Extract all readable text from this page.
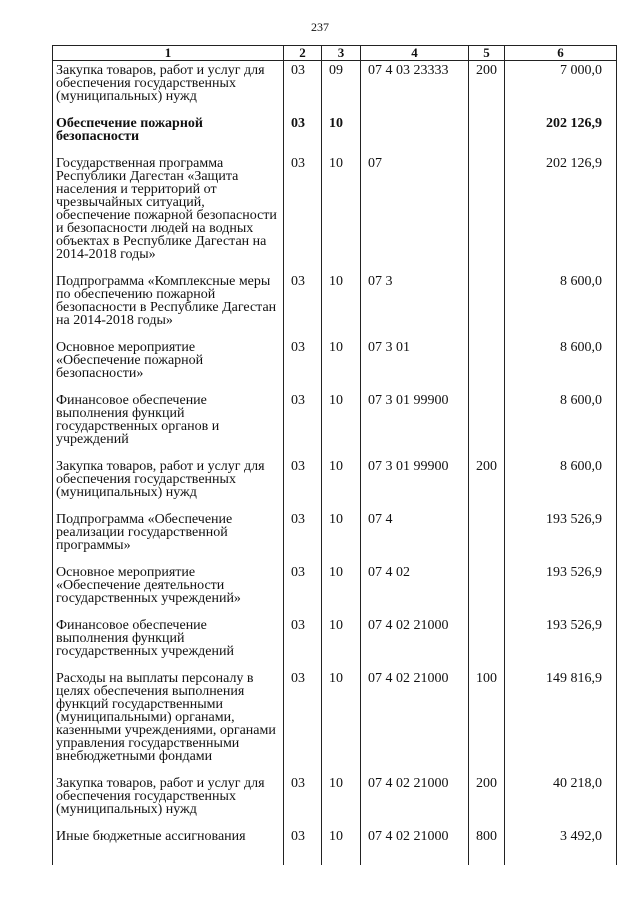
237
1	2	3	4	5	6
Закупка товаров, работ и услуг для обеспечения государственных (муниципальных) нужд	03	09	07 4 03 23333	200	7 000,0
Обеспечение пожарной безопасности	03	10			202 126,9
Государственная программа Республики Дагестан «Защита населения и территорий от чрезвычайных ситуаций, обеспечение пожарной безопасности и безопасности людей на водных объектах в Республике Дагестан на 2014-2018 годы»	03	10	07		202 126,9
Подпрограмма «Комплексные меры по обеспечению пожарной безопасности в Республике Дагестан на 2014-2018 годы»	03	10	07 3		8 600,0
Основное мероприятие «Обеспечение пожарной безопасности»	03	10	07 3 01		8 600,0
Финансовое обеспечение выполнения функций государственных органов и учреждений	03	10	07 3 01 99900		8 600,0
Закупка товаров, работ и услуг для обеспечения государственных (муниципальных) нужд	03	10	07 3 01 99900	200	8 600,0
Подпрограмма «Обеспечение реализации государственной программы»	03	10	07 4		193 526,9
Основное мероприятие «Обеспечение деятельности государственных учреждений»	03	10	07 4 02		193 526,9
Финансовое обеспечение выполнения функций государственных учреждений	03	10	07 4 02 21000		193 526,9
Расходы на выплаты персоналу в целях обеспечения выполнения функций государственными (муниципальными) органами, казенными учреждениями, органами управления государственными внебюджетными фондами	03	10	07 4 02 21000	100	149 816,9
Закупка товаров, работ и услуг для обеспечения государственных (муниципальных) нужд	03	10	07 4 02 21000	200	40 218,0
Иные бюджетные ассигнования	03	10	07 4 02 21000	800	3 492,0
